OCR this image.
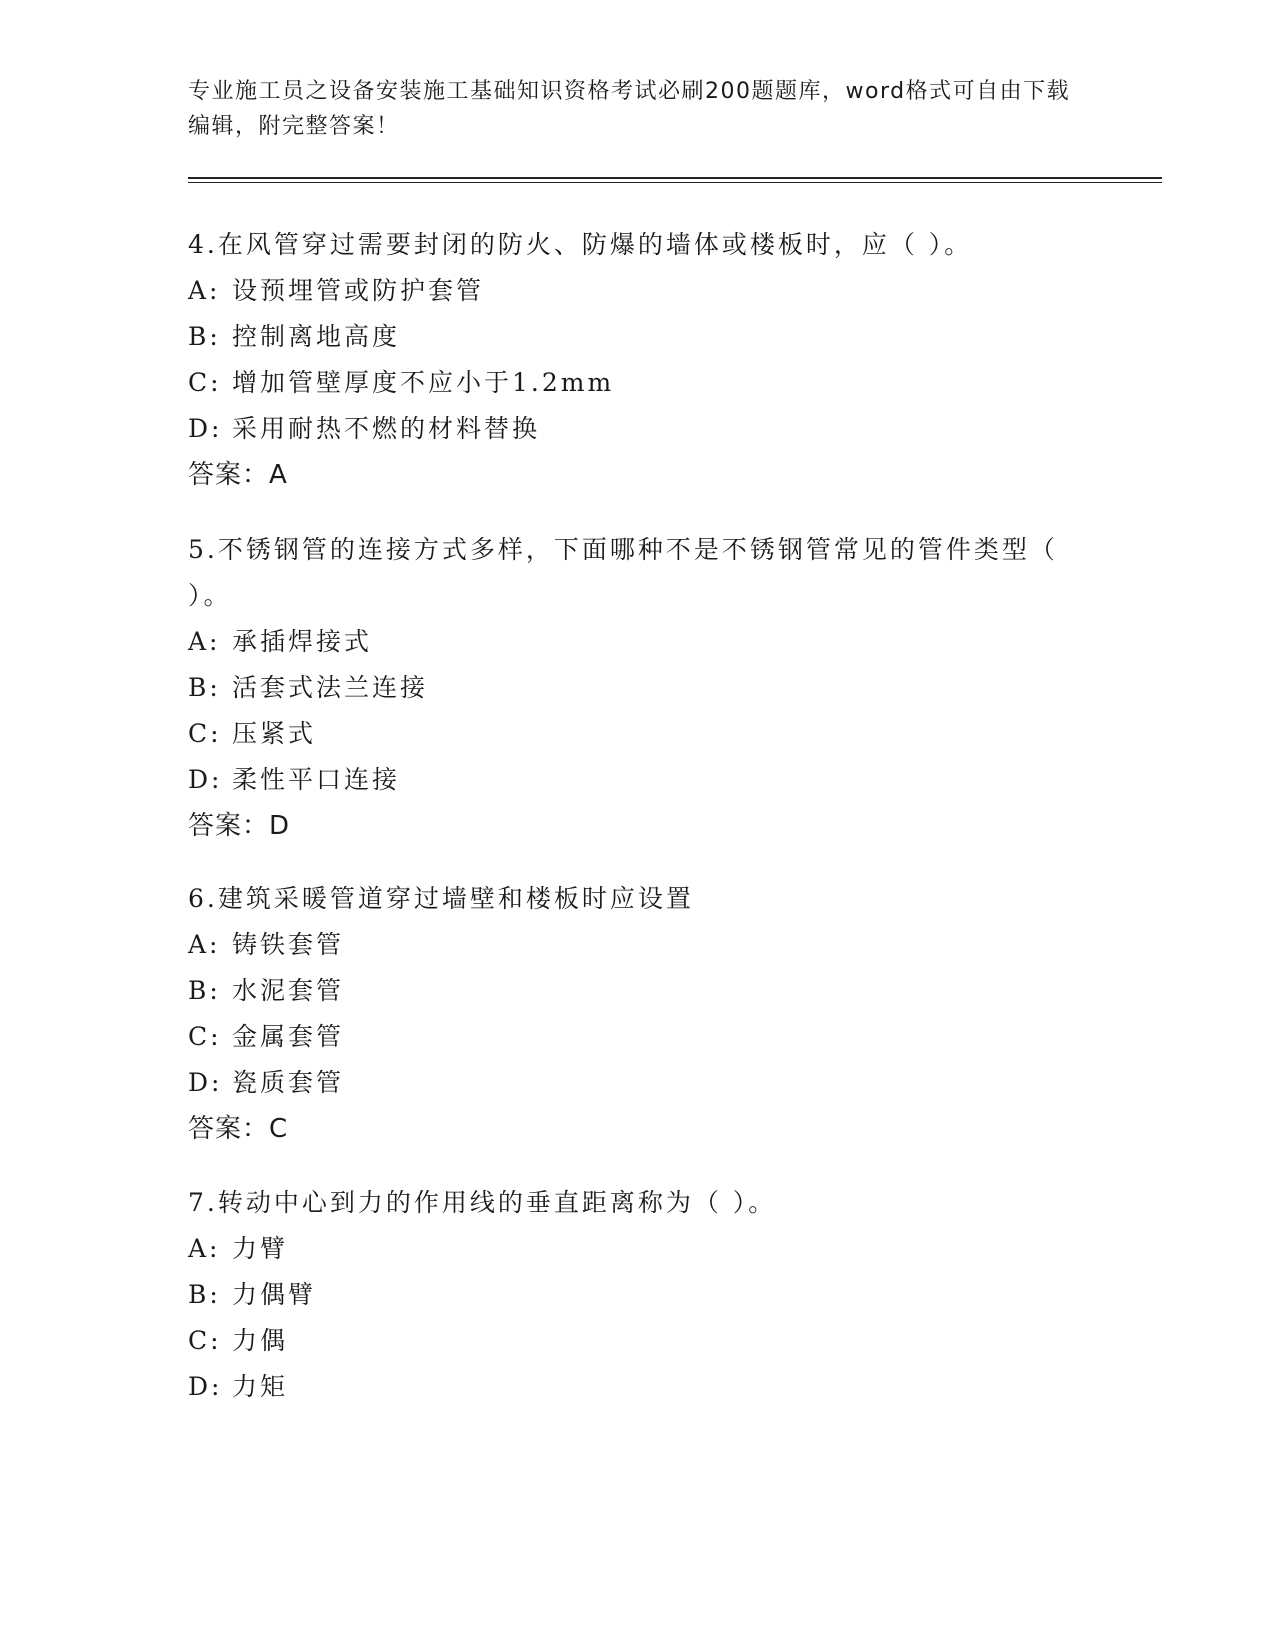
专业施工员之设备安装施工基础知识资格考试必刷200题题库，word格式可自由下载编辑，附完整答案！

4.在风管穿过需要封闭的防火、防爆的墙体或楼板时，应（ ）。

A: 设预埋管或防护套管

B: 控制离地高度

C: 增加管壁厚度不应小于1.2mm

D: 采用耐热不燃的材料替换

答案：A

5.不锈钢管的连接方式多样，下面哪种不是不锈钢管常见的管件类型（ ）。

A: 承插焊接式

B: 活套式法兰连接

C: 压紧式

D: 柔性平口连接

答案：D

6.建筑采暖管道穿过墙壁和楼板时应设置

A: 铸铁套管

B: 水泥套管

C: 金属套管

D: 瓷质套管

答案：C

7.转动中心到力的作用线的垂直距离称为（ ）。

A: 力臂

B: 力偶臂

C: 力偶

D: 力矩
